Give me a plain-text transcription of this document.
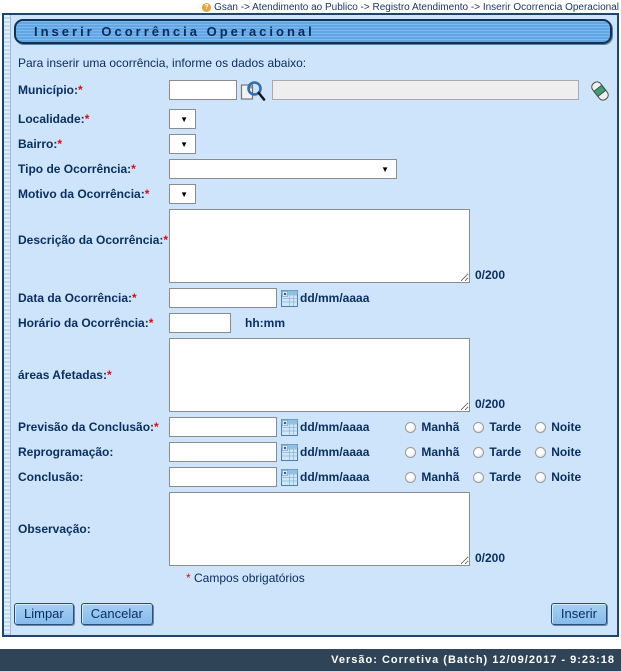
? Gsan -> Atendimento ao Publico -> Registro Atendimento -> Inserir Ocorrencia Operacional
Inserir Ocorrência Operacional
Para inserir uma ocorrência, informe os dados abaixo:
Município:*
Localidade:*	▼
Bairro:*	▼
Tipo de Ocorrência:*	▼
Motivo da Ocorrência:*	▼
Descrição da Ocorrência:*
0/200
Data da Ocorrência:*	dd/mm/aaaa
Horário da Ocorrência:*	hh:mm
áreas Afetadas:*
0/200
Previsão da Conclusão:*	dd/mm/aaaa	Manhã	Tarde	Noite
Reprogramação:	dd/mm/aaaa	Manhã	Tarde	Noite
Conclusão:	dd/mm/aaaa	Manhã	Tarde	Noite
Observação:
0/200
* Campos obrigatórios
Limpar	Cancelar	Inserir
Versão: Corretiva (Batch) 12/09/2017 - 9:23:18
